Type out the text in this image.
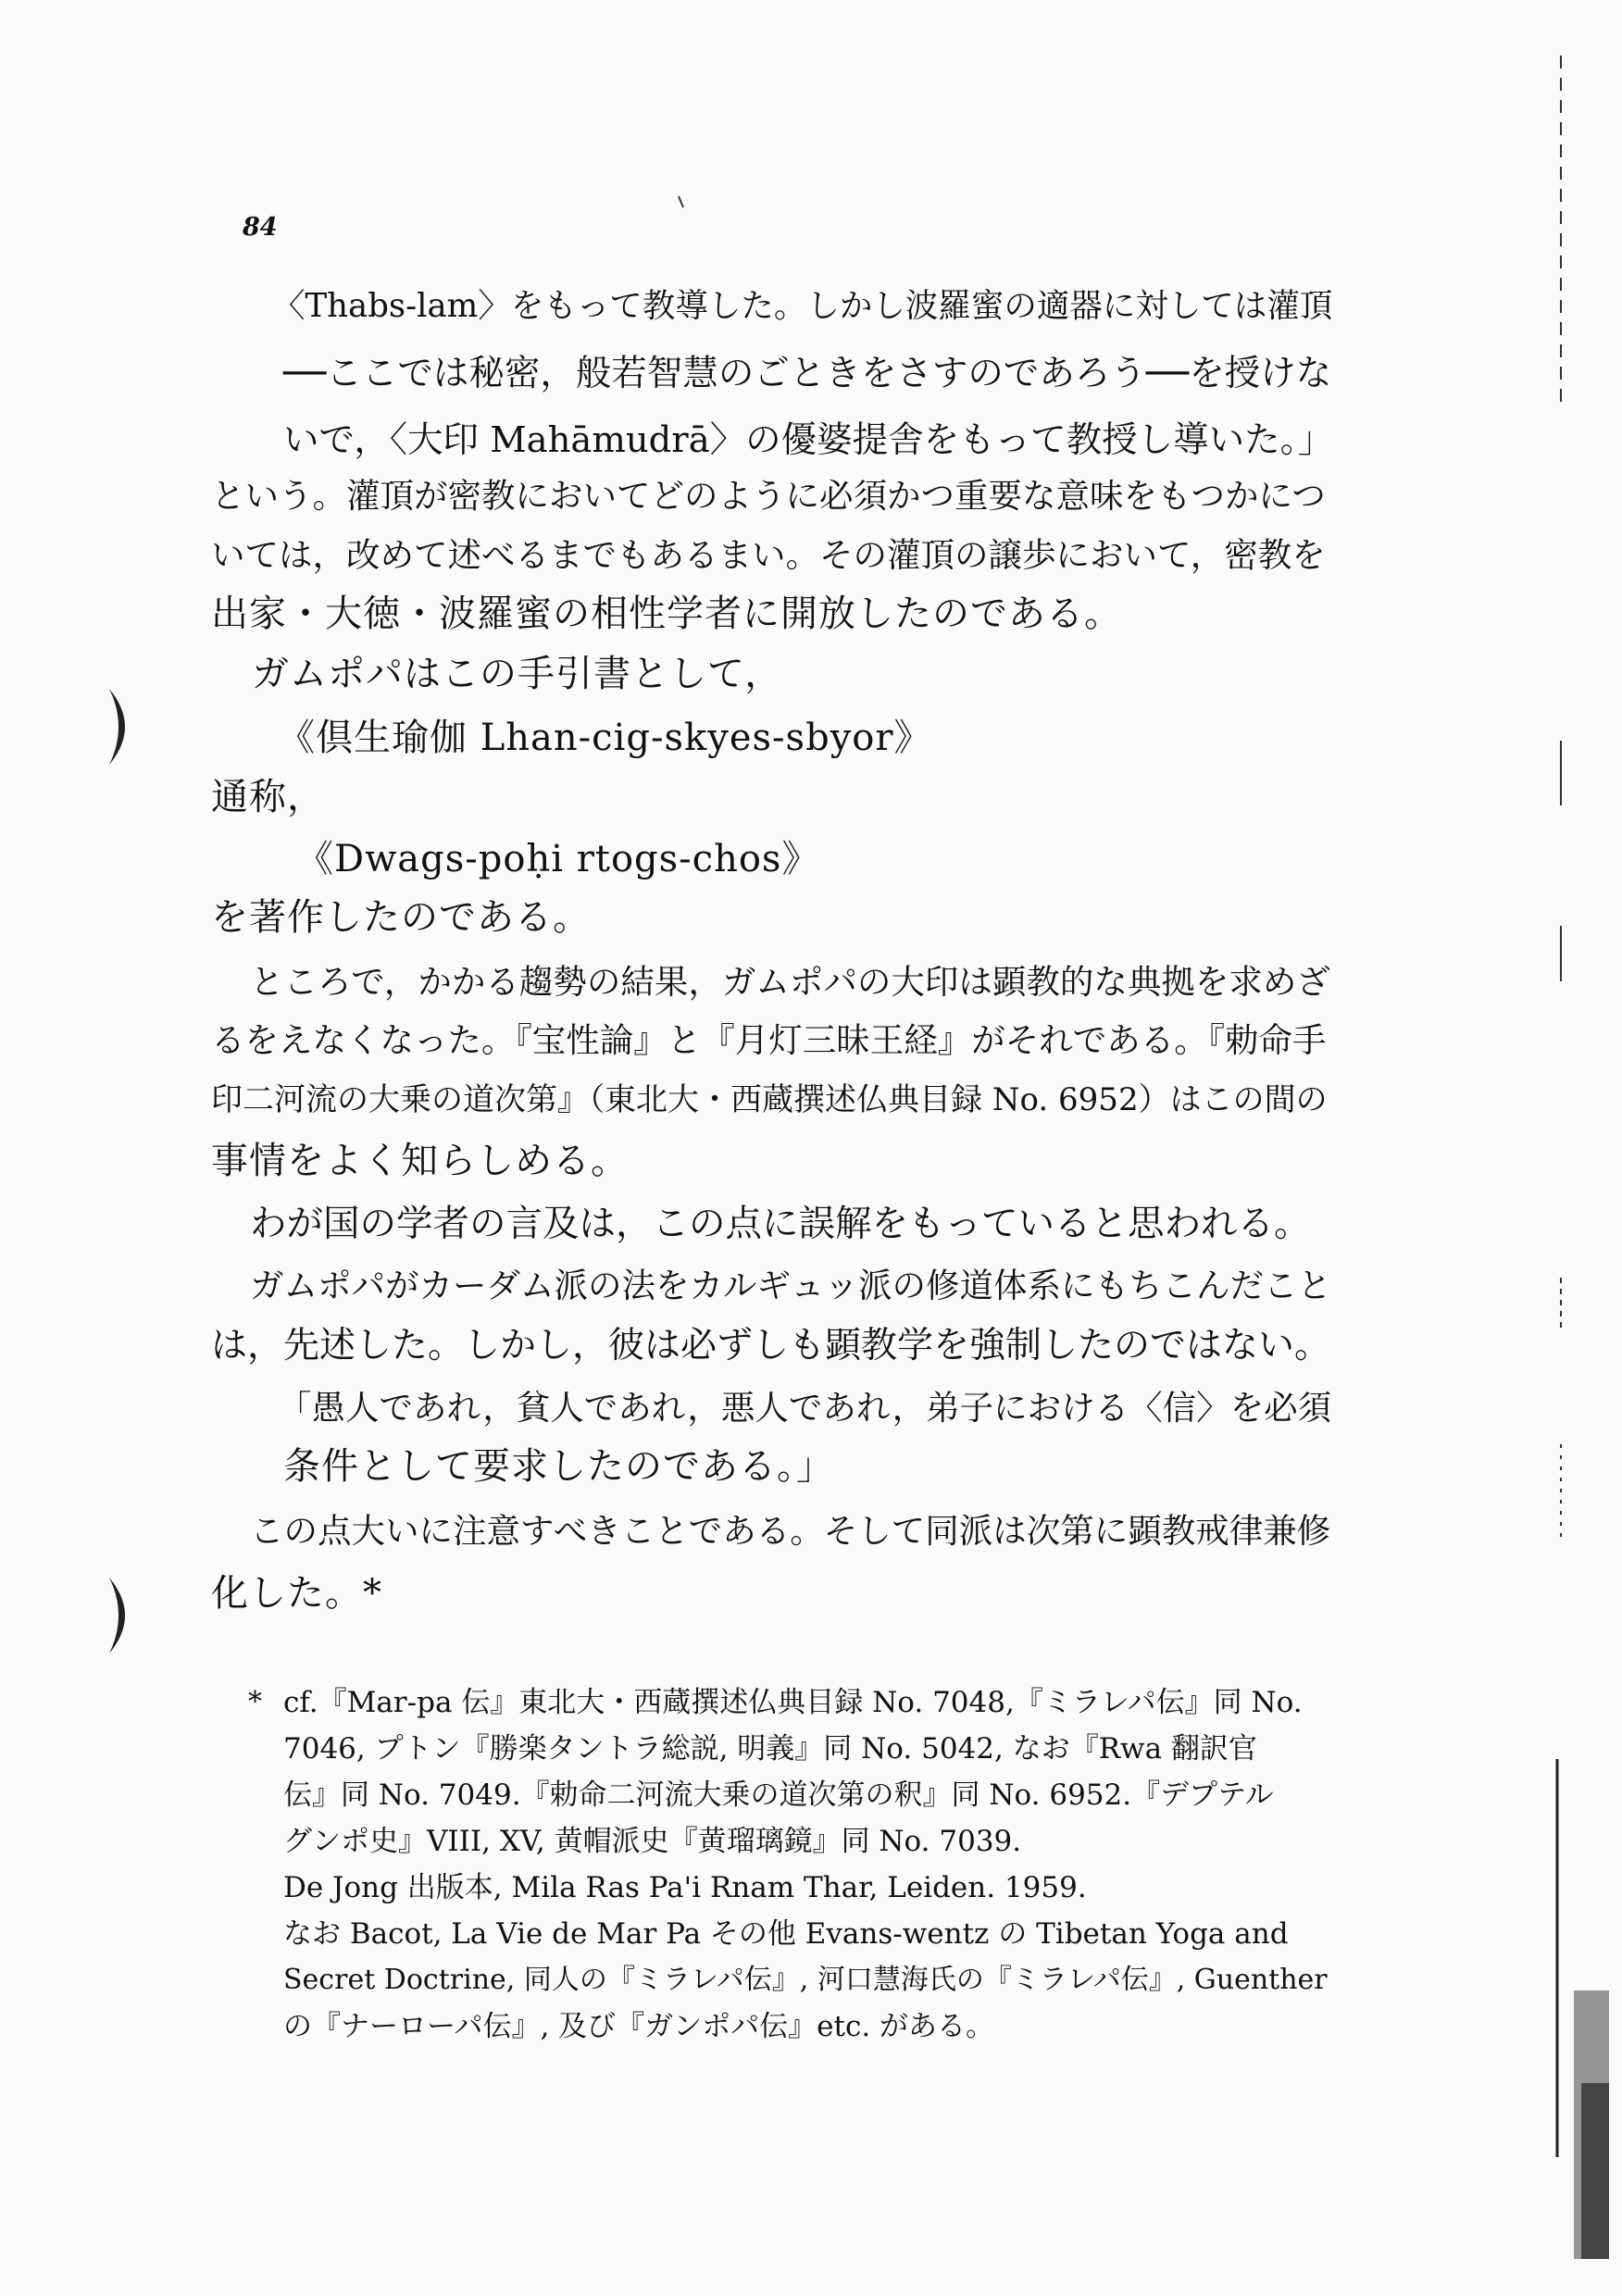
84
〈Thabs-lam〉をもって教導した。しかし波羅蜜の適器に対しては灌頂
──ここでは秘密，般若智慧のごときをさすのであろう──を授けな
いで，〈大印 Mahāmudrā〉の優婆提舎をもって教授し導いた。」
という。灌頂が密教においてどのように必須かつ重要な意味をもつかにつ
いては，改めて述べるまでもあるまい。その灌頂の譲歩において，密教を
出家・大徳・波羅蜜の相性学者に開放したのである。
ガムポパはこの手引書として，
《倶生瑜伽 Lhan-cig-skyes-sbyor》
通称，
《Dwags-poḥi rtogs-chos》
を著作したのである。
ところで，かかる趨勢の結果，ガムポパの大印は顕教的な典拠を求めざ
るをえなくなった。『宝性論』と『月灯三昧王経』がそれである。『勅命手
印二河流の大乗の道次第』（東北大・西蔵撰述仏典目録 No. 6952）はこの間の
事情をよく知らしめる。
わが国の学者の言及は，この点に誤解をもっていると思われる。
ガムポパがカーダム派の法をカルギュッ派の修道体系にもちこんだこと
は，先述した。しかし，彼は必ずしも顕教学を強制したのではない。
「愚人であれ，貧人であれ，悪人であれ，弟子における〈信〉を必須
条件として要求したのである。」
この点大いに注意すべきことである。そして同派は次第に顕教戒律兼修
化した。*
* cf.『Mar-pa 伝』東北大・西蔵撰述仏典目録 No. 7048,『ミラレパ伝』同 No.
7046, プトン『勝楽タントラ総説, 明義』同 No. 5042, なお『Rwa 翻訳官
伝』同 No. 7049.『勅命二河流大乗の道次第の釈』同 No. 6952.『デプテル
グンポ史』VIII, XV, 黄帽派史『黄瑠璃鏡』同 No. 7039.
De Jong 出版本, Mila Ras Pa'i Rnam Thar, Leiden. 1959.
なお Bacot, La Vie de Mar Pa その他 Evans-wentz の Tibetan Yoga and
Secret Doctrine, 同人の『ミラレパ伝』, 河口慧海氏の『ミラレパ伝』, Guenther
の『ナーローパ伝』, 及び『ガンポパ伝』etc. がある。
